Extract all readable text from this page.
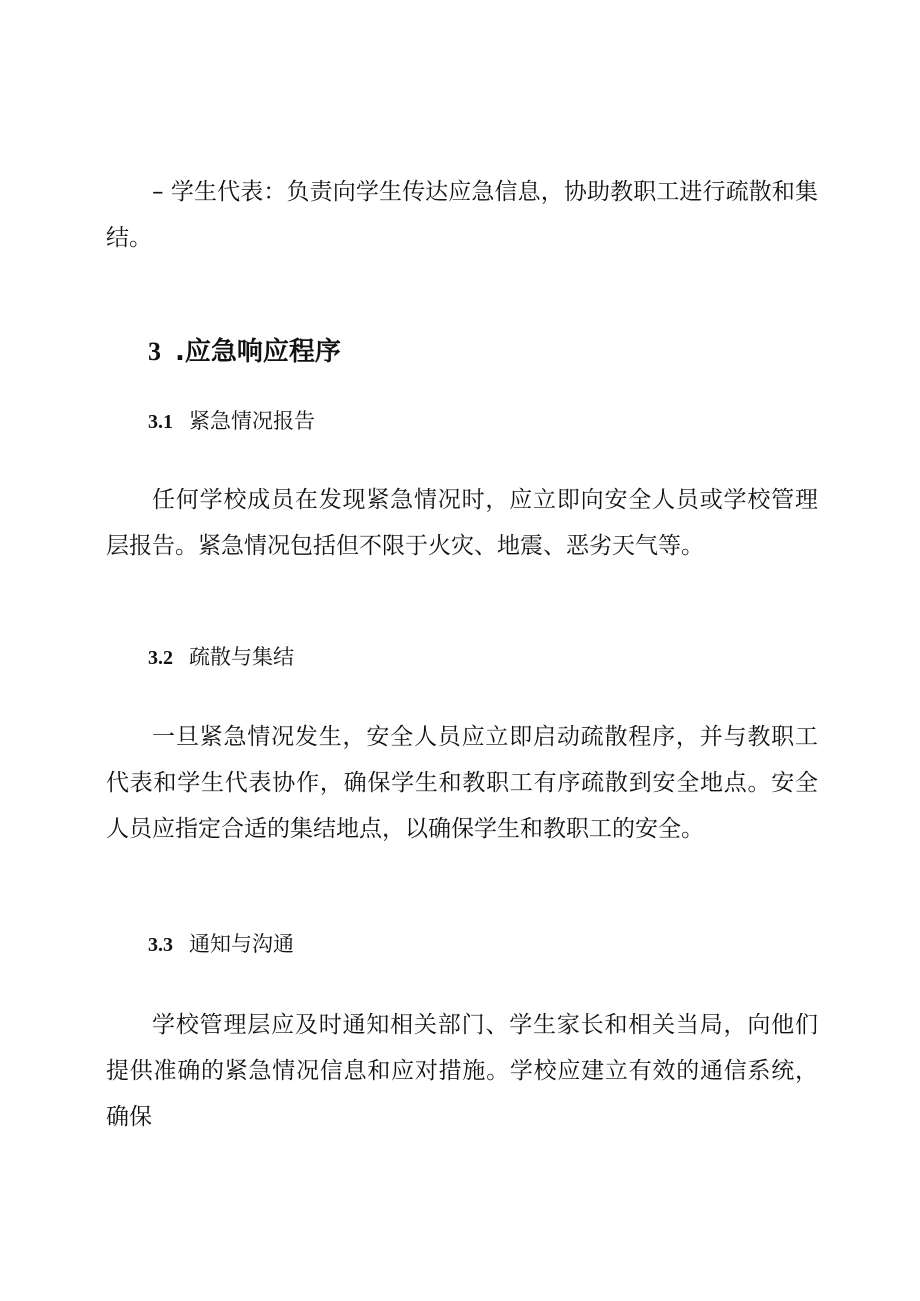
– 学生代表：负责向学生传达应急信息，协助教职工进行疏散和集结。

3 .应急响应程序
3.1 紧急情况报告

任何学校成员在发现紧急情况时，应立即向安全人员或学校管理层报告。紧急情况包括但不限于火灾、地震、恶劣天气等。

3.2 疏散与集结

一旦紧急情况发生，安全人员应立即启动疏散程序，并与教职工代表和学生代表协作，确保学生和教职工有序疏散到安全地点。安全人员应指定合适的集结地点，以确保学生和教职工的安全。

3.3 通知与沟通

学校管理层应及时通知相关部门、学生家长和相关当局，向他们提供准确的紧急情况信息和应对措施。学校应建立有效的通信系统，确保
